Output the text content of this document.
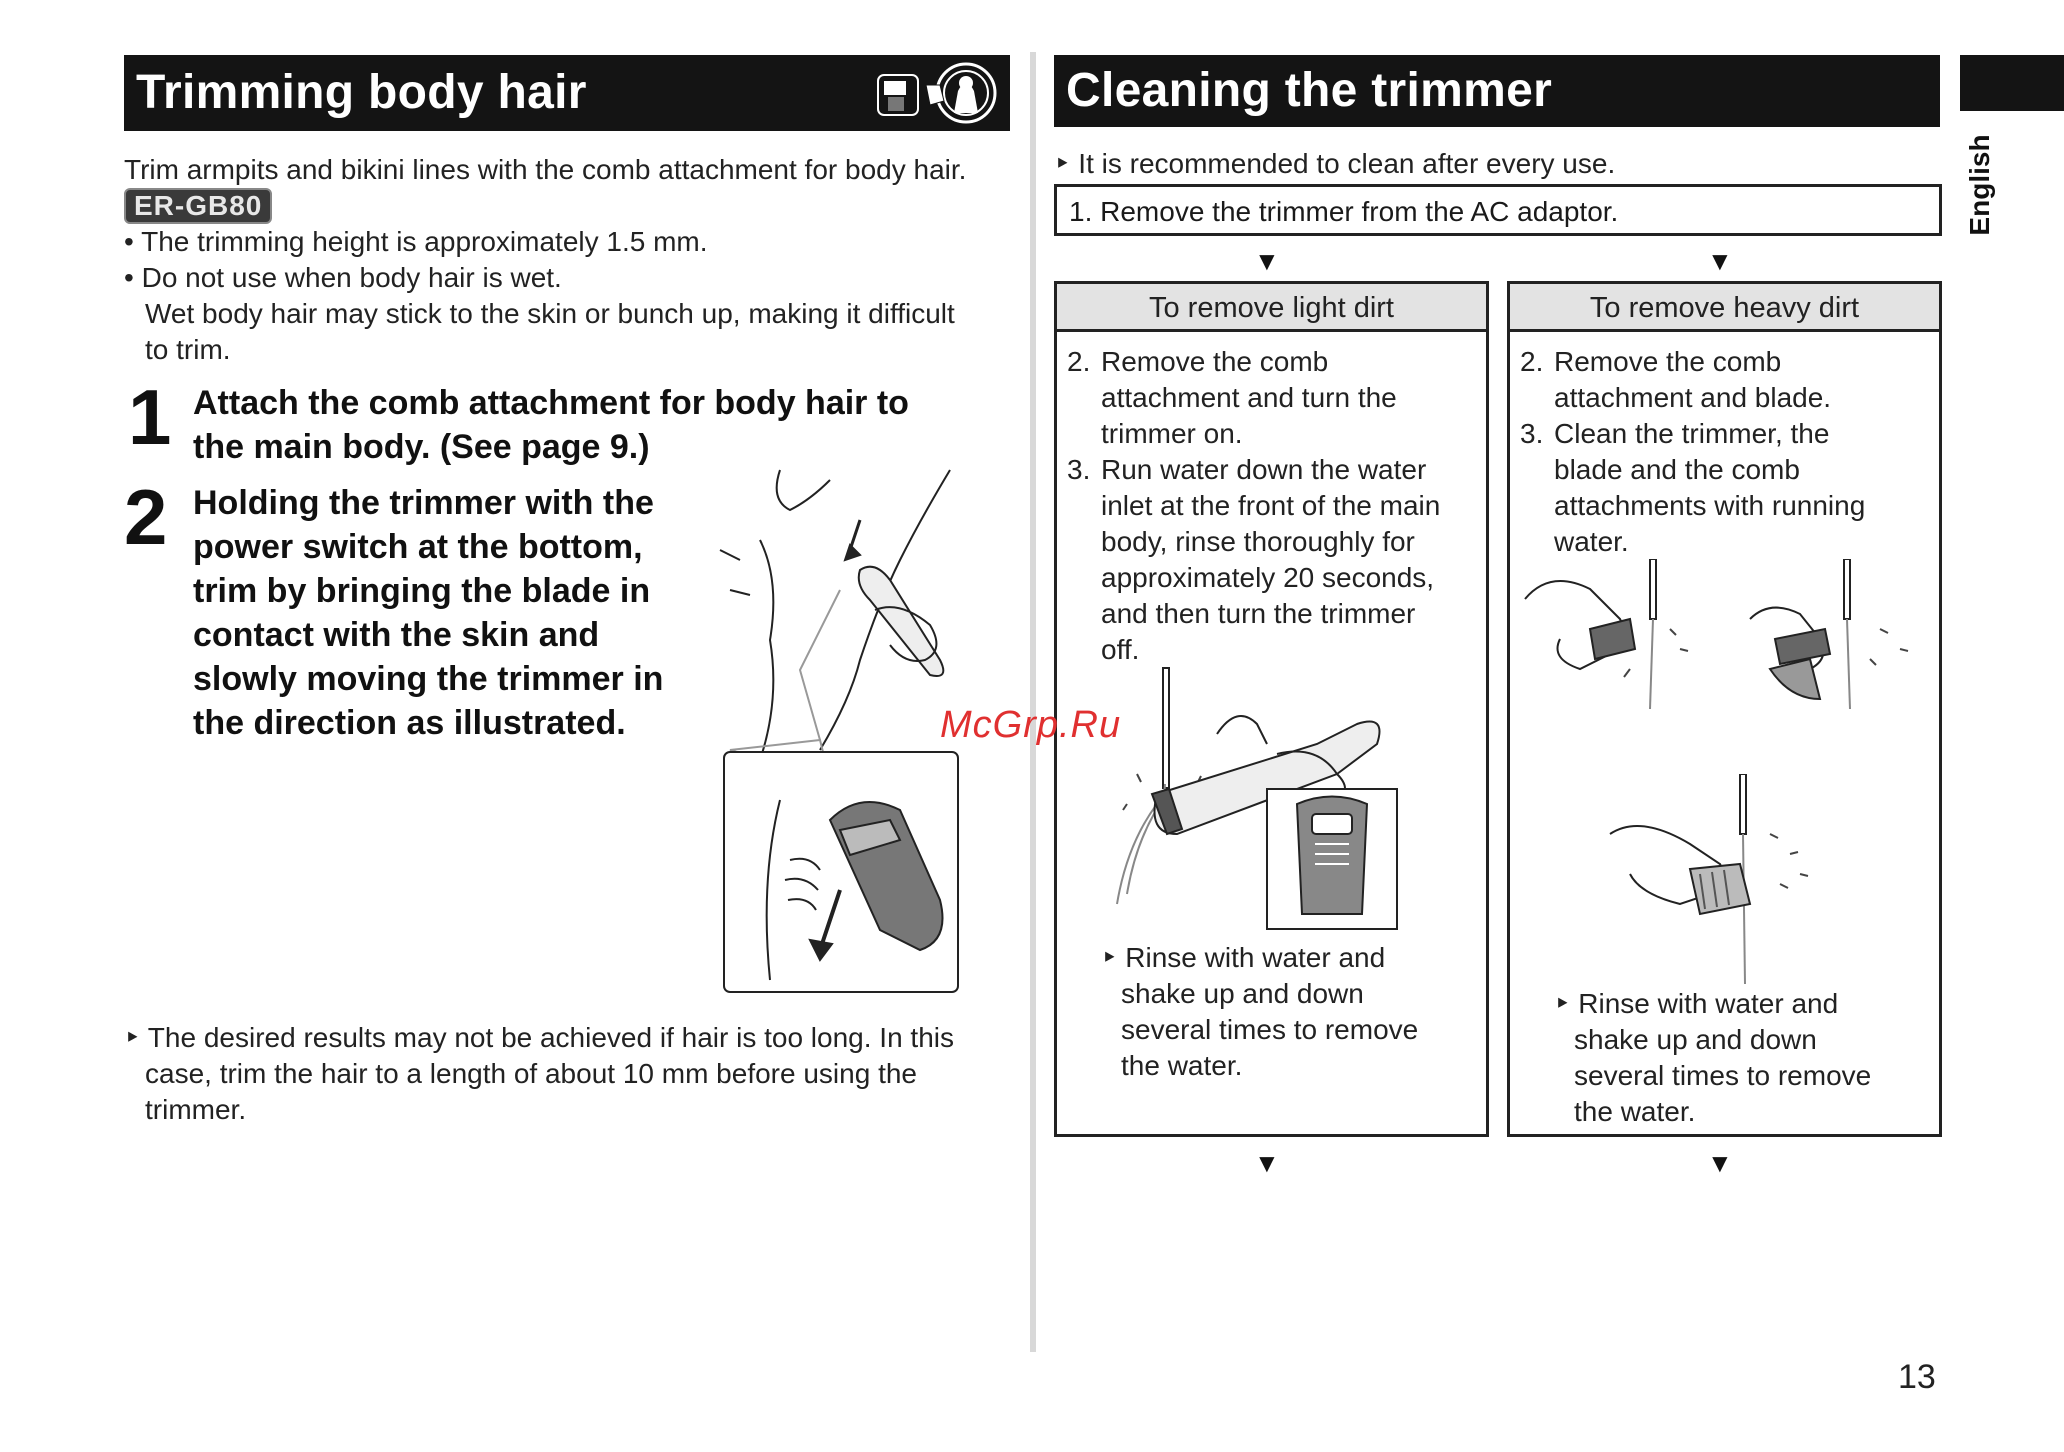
Trimming body hair
Trim armpits and bikini lines with the comb attachment for body hair. ER-GB80
• The trimming height is approximately 1.5 mm.
• Do not use when body hair is wet.
Wet body hair may stick to the skin or bunch up, making it difficult
to trim.
1 Attach the comb attachment for body hair to
the main body. (See page 9.)
2 Holding the trimmer with the
power switch at the bottom,
trim by bringing the blade in
contact with the skin and
slowly moving the trimmer in
the direction as illustrated.
‣ The desired results may not be achieved if hair is too long. In this
case, trim the hair to a length of about 10 mm before using the
trimmer.
Cleaning the trimmer
‣ It is recommended to clean after every use.
1. Remove the trimmer from the AC adaptor.
▼	▼
To remove light dirt
2. Remove the comb
attachment and turn the
trimmer on.
3. Run water down the water
inlet at the front of the main
body, rinse thoroughly for
approximately 20 seconds,
and then turn the trimmer
off.
‣ Rinse with water and
shake up and down
several times to remove
the water.
To remove heavy dirt
2. Remove the comb
attachment and blade.
3. Clean the trimmer, the
blade and the comb
attachments with running
water.
‣ Rinse with water and
shake up and down
several times to remove
the water.
▼	▼
English
McGrp.Ru
13
